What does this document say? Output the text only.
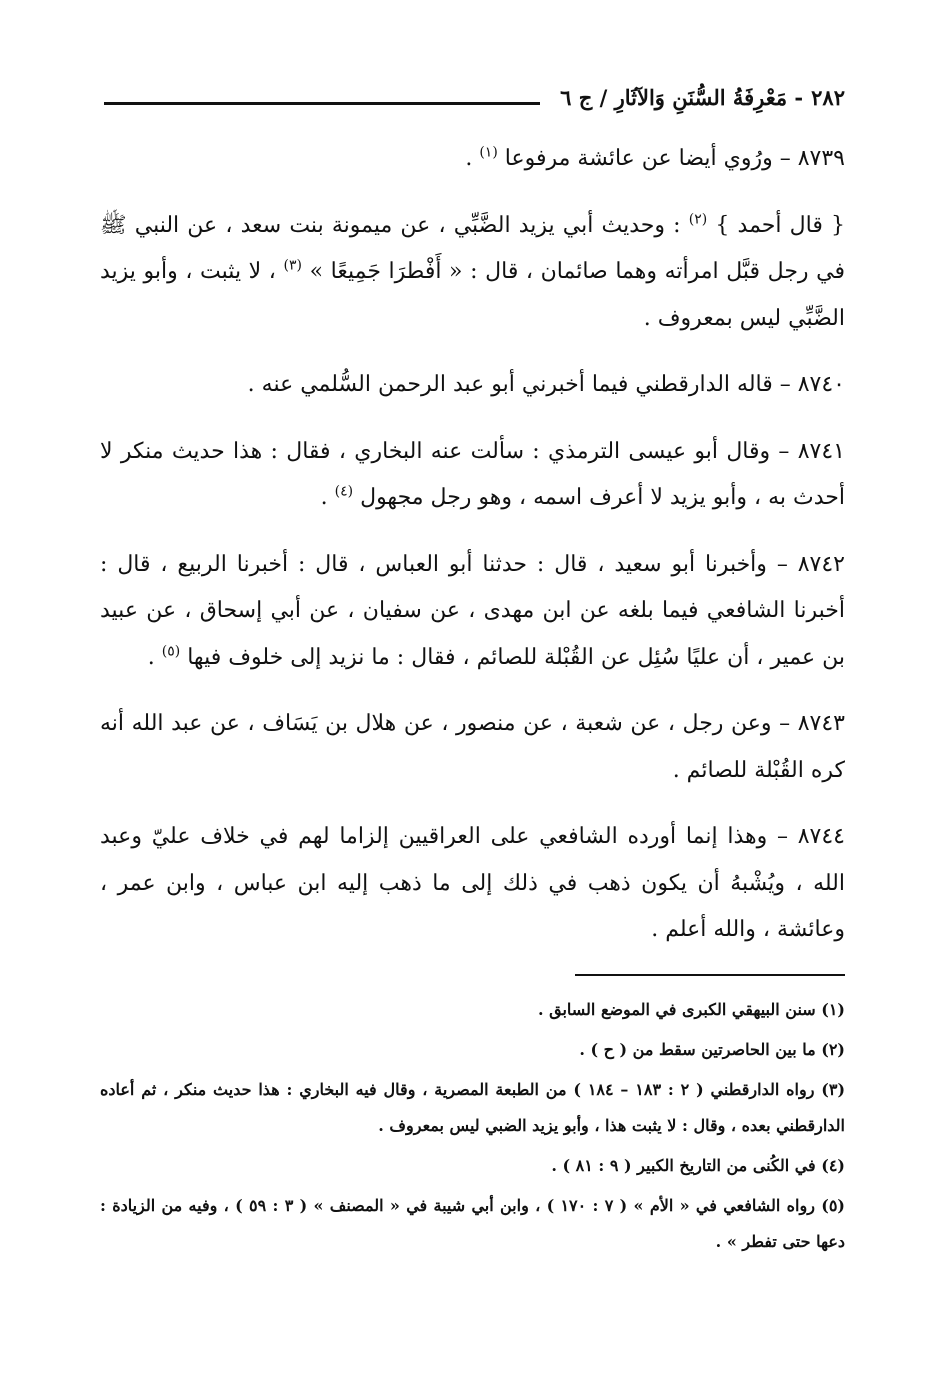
٢٨٢
- مَعْرِفَةُ السُّنَنِ وَالآثَارِ / ج ٦

٨٧٣٩ – ورُوي أيضا عن عائشة مرفوعا $^{(١)}$ .

{ قال أحمد } $^{(٢)}$ : وحديث أبي يزيد الضَّبِّي ، عن ميمونة بنت سعد ، عن النبي ﷺ في رجل قبَّل امرأته وهما صائمان ، قال : « أَفْطرَا جَمِيعًا » $^{(٣)}$ ، لا يثبت ، وأبو يزيد الضَّبِّي ليس بمعروف .

٨٧٤٠ – قاله الدارقطني فيما أخبرني أبو عبد الرحمن السُّلمي عنه .

٨٧٤١ – وقال أبو عيسى الترمذي : سألت عنه البخاري ، فقال : هذا حديث منكر لا أحدث به ، وأبو يزيد لا أعرف اسمه ، وهو رجل مجهول $^{(٤)}$ .

٨٧٤٢ – وأخبرنا أبو سعيد ، قال : حدثنا أبو العباس ، قال : أخبرنا الربيع ، قال : أخبرنا الشافعي فيما بلغه عن ابن مهدى ، عن سفيان ، عن أبي إسحاق ، عن عبيد بن عمير ، أن عليًا سُئِل عن القُبْلة للصائم ، فقال : ما نزيد إلى خلوف فيها $^{(٥)}$ .

٨٧٤٣ – وعن رجل ، عن شعبة ، عن منصور ، عن هلال بن يَسَاف ، عن عبد الله أنه كره القُبْلة للصائم .

٨٧٤٤ – وهذا إنما أورده الشافعي على العراقيين إلزاما لهم في خلاف عليّ وعبد الله ، ويُشْبهُ أن يكون ذهب في ذلك إلى ما ذهب إليه ابن عباس ، وابن عمر ، وعائشة ، والله أعلم .

(١) سنن البيهقي الكبرى في الموضع السابق .

(٢) ما بين الحاصرتين سقط من ( ح ) .

(٣) رواه الدارقطني ( ٢ : ١٨٣ – ١٨٤ ) من الطبعة المصرية ، وقال فيه البخاري : هذا حديث منكر ، ثم أعاده الدارقطني بعده ، وقال : لا يثبت هذا ، وأبو يزيد الضبي ليس بمعروف .

(٤) في الكُنى من التاريخ الكبير ( ٩ : ٨١ ) .

(٥) رواه الشافعي في « الأم » ( ٧ : ١٧٠ ) ، وابن أبي شيبة في « المصنف » ( ٣ : ٥٩ ) ، وفيه من الزيادة : دعها حتى تفطر » .
